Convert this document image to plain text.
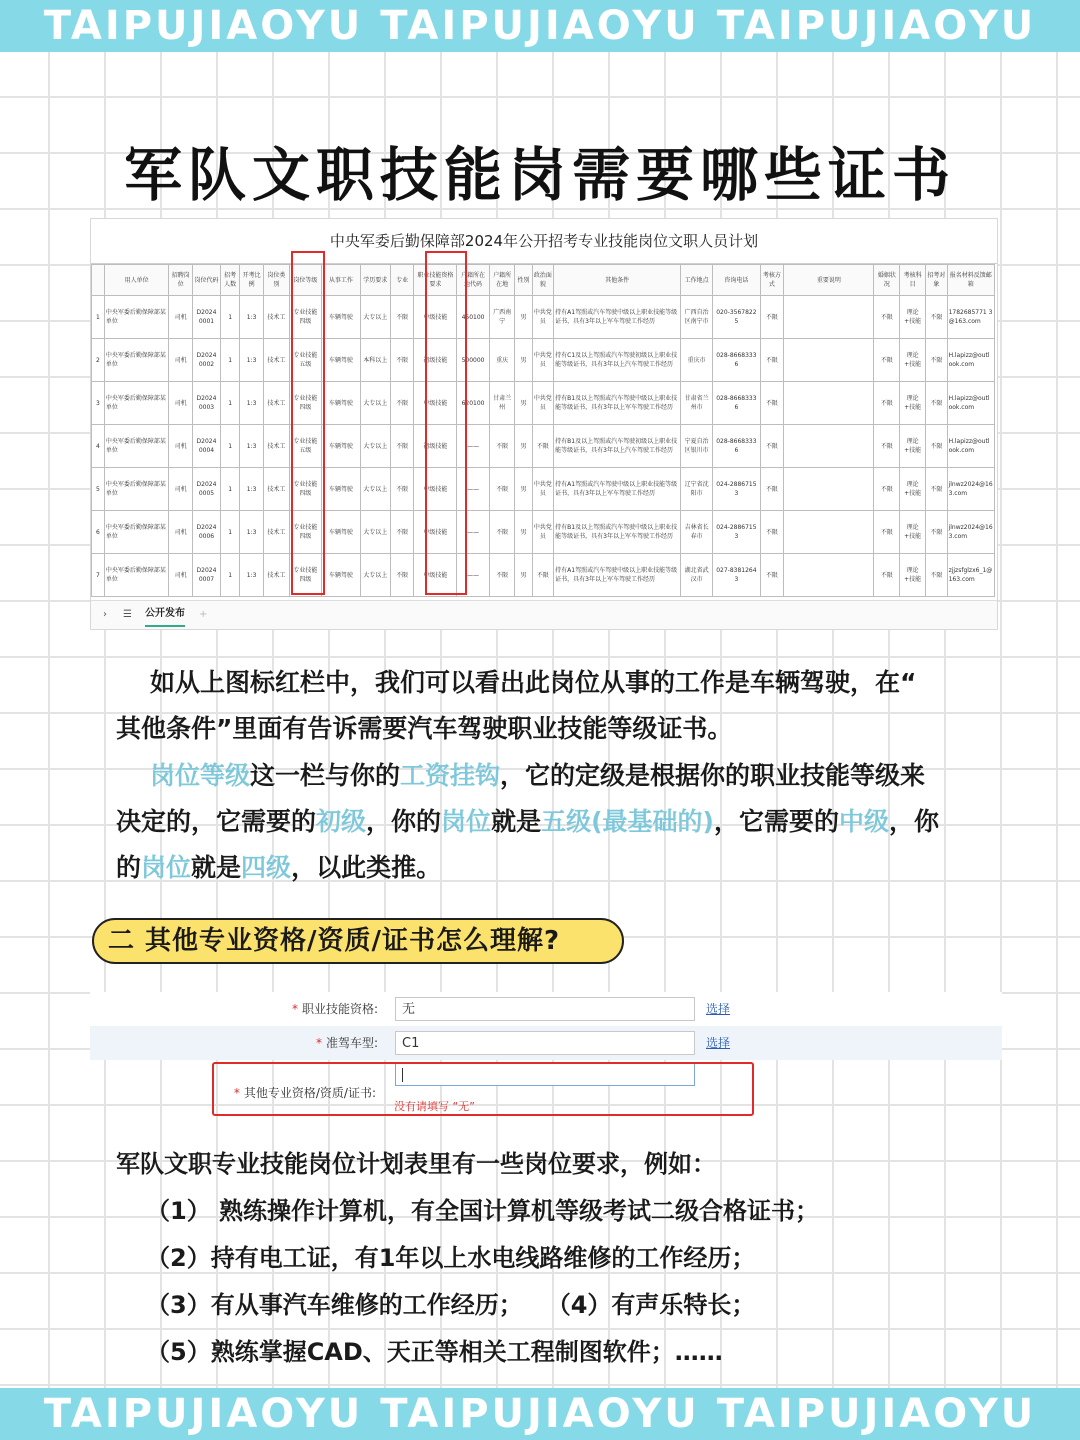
TAIPUJIAOYU TAIPUJIAOYU TAIPUJIAOYU
军队文职技能岗需要哪些证书
中央军委后勤保障部2024年公开招考专业技能岗位文职人员计划
	用人单位	招聘岗位	岗位代码	招考人数	开考比例	岗位类别	岗位等级	从事工作	学历要求	专业	职业技能资格要求	户籍所在地代码	户籍所在地	性别	政治面貌	其他条件	工作地点	咨询电话	考核方式	重要说明	婚姻状况	考核科目	招考对象	报名材料反馈邮箱
1	中央军委后勤保障部某单位	司机	D2024 0001	1	1:3	技术工	专业技能四级	车辆驾驶	大专以上	不限	中级技能	450100	广西南宁	男	中共党员	持有A1驾照或汽车驾驶中级以上职业技能等级证书，具有3年以上军车驾驶工作经历	广西自治区南宁市	020-3567822 5	不限		不限	理论+技能	不限	1782685771 3@163.com
2	中央军委后勤保障部某单位	司机	D2024 0002	1	1:3	技术工	专业技能五级	车辆驾驶	本科以上	不限	初级技能	500000	重庆	男	中共党员	持有C1及以上驾照或汽车驾驶初级以上职业技能等级证书，具有3年以上汽车驾驶工作经历	重庆市	028-8668333 6	不限		不限	理论+技能	不限	H.lapizz@outlook.com
3	中央军委后勤保障部某单位	司机	D2024 0003	1	1:3	技术工	专业技能四级	车辆驾驶	大专以上	不限	中级技能	620100	甘肃兰州	男	中共党员	持有B1及以上驾照或汽车驾驶中级以上职业技能等级证书，具有3年以上军车驾驶工作经历	甘肃省兰州市	028-8668333 6	不限		不限	理论+技能	不限	H.lapizz@outlook.com
4	中央军委后勤保障部某单位	司机	D2024 0004	1	1:3	技术工	专业技能五级	车辆驾驶	大专以上	不限	初级技能	——	不限	男	不限	持有B1及以上驾照或汽车驾驶初级以上职业技能等级证书，具有3年以上汽车驾驶工作经历	宁夏自治区银川市	028-8668333 6	不限		不限	理论+技能	不限	H.lapizz@outlook.com
5	中央军委后勤保障部某单位	司机	D2024 0005	1	1:3	技术工	专业技能四级	车辆驾驶	大专以上	不限	中级技能	——	不限	男	中共党员	持有A1驾照或汽车驾驶中级以上职业技能等级证书，具有3年以上军车驾驶工作经历	辽宁省沈阳市	024-2886715 3	不限		不限	理论+技能	不限	jlnwz2024@163.com
6	中央军委后勤保障部某单位	司机	D2024 0006	1	1:3	技术工	专业技能四级	车辆驾驶	大专以上	不限	中级技能	——	不限	男	中共党员	持有B1及以上驾照或汽车驾驶中级以上职业技能等级证书，具有3年以上军车驾驶工作经历	吉林省长春市	024-2886715 3	不限		不限	理论+技能	不限	jlnwz2024@163.com
7	中央军委后勤保障部某单位	司机	D2024 0007	1	1:3	技术工	专业技能四级	车辆驾驶	大专以上	不限	中级技能	——	不限	男	不限	持有A1驾照或汽车驾驶中级以上职业技能等级证书，具有3年以上军车驾驶工作经历	湖北省武汉市	027-8381264 3	不限		不限	理论+技能	不限	zjjzsfglzx6_1@163.com
› ☰ 公开发布 +
如从上图标红栏中，我们可以看出此岗位从事的工作是车辆驾驶，在“
其他条件”里面有告诉需要汽车驾驶职业技能等级证书。
岗位等级这一栏与你的工资挂钩，它的定级是根据你的职业技能等级来
决定的，它需要的初级，你的岗位就是五级(最基础的)，它需要的中级，你
的岗位就是四级，以此类推。
二 其他专业资格/资质/证书怎么理解?
* 职业技能资格:	无	选择
* 准驾车型:	C1	选择
* 其他专业资格/资质/证书:
没有请填写 “无”
军队文职专业技能岗位计划表里有一些岗位要求，例如：
（1） 熟练操作计算机，有全国计算机等级考试二级合格证书；
（2）持有电工证，有1年以上水电线路维修的工作经历；
（3）有从事汽车维修的工作经历；　　（4）有声乐特长；
（5）熟练掌握CAD、天正等相关工程制图软件；……
TAIPUJIAOYU TAIPUJIAOYU TAIPUJIAOYU
